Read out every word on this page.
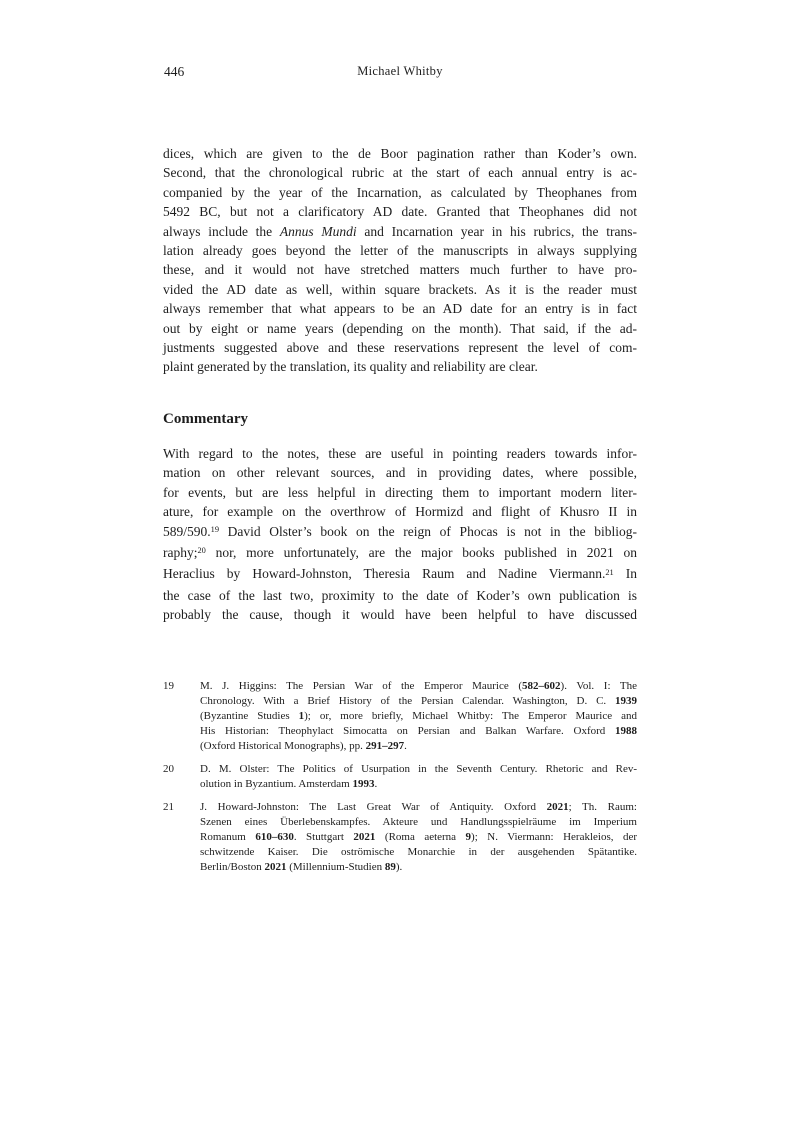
446	Michael Whitby
dices, which are given to the de Boor pagination rather than Koder’s own.
Second, that the chronological rubric at the start of each annual entry is ac-
companied by the year of the Incarnation, as calculated by Theophanes from
5492 BC, but not a clarificatory AD date. Granted that Theophanes did not
always include the Annus Mundi and Incarnation year in his rubrics, the trans-
lation already goes beyond the letter of the manuscripts in always supplying
these, and it would not have stretched matters much further to have pro-
vided the AD date as well, within square brackets. As it is the reader must
always remember that what appears to be an AD date for an entry is in fact
out by eight or name years (depending on the month). That said, if the ad-
justments suggested above and these reservations represent the level of com-
plaint generated by the translation, its quality and reliability are clear.
Commentary
With regard to the notes, these are useful in pointing readers towards infor-
mation on other relevant sources, and in providing dates, where possible,
for events, but are less helpful in directing them to important modern liter-
ature, for example on the overthrow of Hormizd and flight of Khusro II in
589/590.19 David Olster’s book on the reign of Phocas is not in the bibliog-
raphy;$^{20}$ nor, more unfortunately, are the major books published in 2021 on
Heraclius by Howard-Johnston, Theresia Raum and Nadine Viermann.$^{21}$ In
the case of the last two, proximity to the date of Koder’s own publication is
probably the cause, though it would have been helpful to have discussed
19	M. J. Higgins: The Persian War of the Emperor Maurice (582–602). Vol. I: The
Chronology. With a Brief History of the Persian Calendar. Washington, D. C. 1939
(Byzantine Studies 1); or, more briefly, Michael Whitby: The Emperor Maurice and
His Historian: Theophylact Simocatta on Persian and Balkan Warfare. Oxford 1988
(Oxford Historical Monographs), pp. 291–297.
20	D. M. Olster: The Politics of Usurpation in the Seventh Century. Rhetoric and Rev-
olution in Byzantium. Amsterdam 1993.
21	J. Howard-Johnston: The Last Great War of Antiquity. Oxford 2021; Th. Raum:
Szenen eines Überlebenskampfes. Akteure und Handlungsspielräume im Imperium
Romanum 610–630. Stuttgart 2021 (Roma aeterna 9); N. Viermann: Herakleios, der
schwitzende Kaiser. Die oströmische Monarchie in der ausgehenden Spätantike.
Berlin/Boston 2021 (Millennium-Studien 89).
